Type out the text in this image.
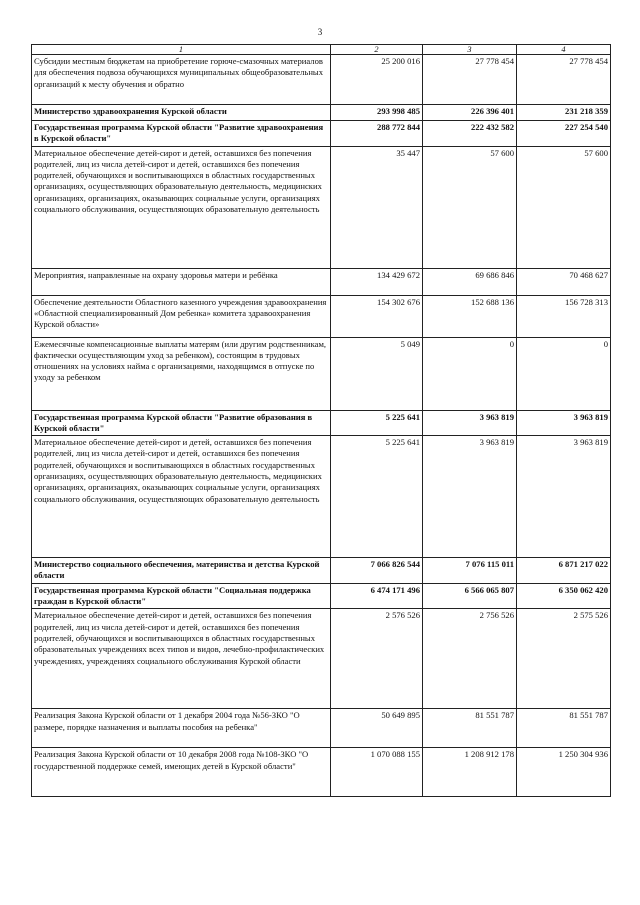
3
1	2	3	4
Субсидии местным бюджетам на приобретение горюче-смазочных материалов для обеспечения подвоза обучающихся муниципальных общеобразовательных организаций к месту обучения и обратно	25 200 016	27 778 454	27 778 454
Министерство здравоохранения Курской области	293 998 485	226 396 401	231 218 359
Государственная программа Курской области "Развитие здравоохранения в Курской области"	288 772 844	222 432 582	227 254 540
Материальное обеспечение детей-сирот и детей, оставшихся без попечения родителей, лиц из числа детей-сирот и детей, оставшихся без попечения родителей, обучающихся и воспитывающихся в областных государственных организациях, осуществляющих образовательную деятельность, медицинских организациях, организациях, оказывающих социальные услуги, организациях социального обслуживания, осуществляющих образовательную деятельность	35 447	57 600	57 600
Мероприятия, направленные на охрану здоровья матери и ребёнка	134 429 672	69 686 846	70 468 627
Обеспечение деятельности Областного казенного учреждения здравоохранения «Областной специализированный Дом ребенка» комитета здравоохранения Курской области»	154 302 676	152 688 136	156 728 313
Ежемесячные компенсационные выплаты матерям (или другим родственникам, фактически осуществляющим уход за ребенком), состоящим в трудовых отношениях на условиях найма с организациями, находящимся в отпуске по уходу за ребенком	5 049	0	0
Государственная программа Курской области "Развитие образования в Курской области"	5 225 641	3 963 819	3 963 819
Материальное обеспечение детей-сирот и детей, оставшихся без попечения родителей, лиц из числа детей-сирот и детей, оставшихся без попечения родителей, обучающихся и воспитывающихся в областных государственных организациях, осуществляющих образовательную деятельность, медицинских организациях, организациях, оказывающих социальные услуги, организациях социального обслуживания, осуществляющих образовательную деятельность	5 225 641	3 963 819	3 963 819
Министерство социального обеспечения, материнства и детства Курской области	7 066 826 544	7 076 115 011	6 871 217 022
Государственная программа Курской области "Социальная поддержка граждан в Курской области"	6 474 171 496	6 566 065 807	6 350 062 420
Материальное обеспечение детей-сирот и детей, оставшихся без попечения родителей, лиц из числа детей-сирот и детей, оставшихся без попечения родителей, обучающихся и воспитывающихся в областных государственных образовательных учреждениях всех типов и видов, лечебно-профилактических учреждениях, учреждениях социального обслуживания Курской области	2 576 526	2 756 526	2 575 526
Реализация Закона Курской области от 1 декабря 2004 года №56-ЗКО "О размере, порядке назначения и выплаты пособия на ребенка"	50 649 895	81 551 787	81 551 787
Реализация Закона Курской области от 10 декабря 2008 года №108-ЗКО "О государственной поддержке семей, имеющих детей в Курской области"	1 070 088 155	1 208 912 178	1 250 304 936
